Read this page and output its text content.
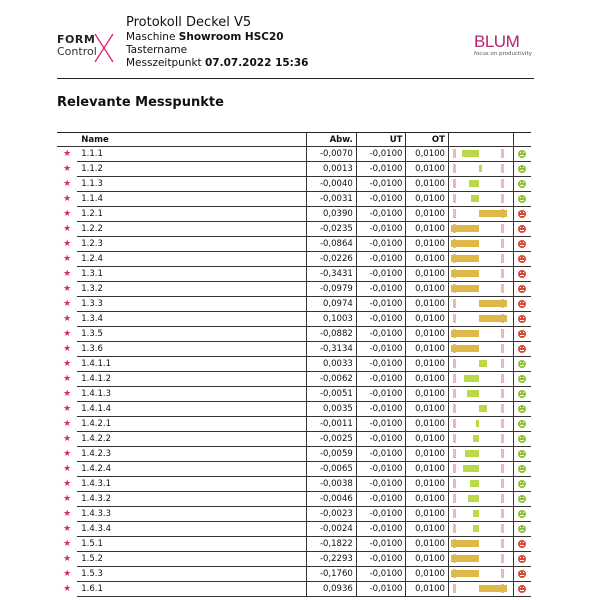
FORM
Control
Protokoll Deckel V5
Maschine Showroom HSC20
Tastername
Messzeitpunkt 07.07.2022 15:36
BLUM
focus on productivity
Relevante Messpunkte
	Name	Abw.	UT	OT		
★	1.1.1	-0,0070	-0,0100	0,0100	

★	1.1.2	0,0013	-0,0100	0,0100	

★	1.1.3	-0,0040	-0,0100	0,0100	

★	1.1.4	-0,0031	-0,0100	0,0100	

★	1.2.1	0,0390	-0,0100	0,0100	

★	1.2.2	-0,0235	-0,0100	0,0100	

★	1.2.3	-0,0864	-0,0100	0,0100	

★	1.2.4	-0,0226	-0,0100	0,0100	

★	1.3.1	-0,3431	-0,0100	0,0100	

★	1.3.2	-0,0979	-0,0100	0,0100	

★	1.3.3	0,0974	-0,0100	0,0100	

★	1.3.4	0,1003	-0,0100	0,0100	

★	1.3.5	-0,0882	-0,0100	0,0100	

★	1.3.6	-0,3134	-0,0100	0,0100	

★	1.4.1.1	0,0033	-0,0100	0,0100	

★	1.4.1.2	-0,0062	-0,0100	0,0100	

★	1.4.1.3	-0,0051	-0,0100	0,0100	

★	1.4.1.4	0,0035	-0,0100	0,0100	

★	1.4.2.1	-0,0011	-0,0100	0,0100	

★	1.4.2.2	-0,0025	-0,0100	0,0100	

★	1.4.2.3	-0,0059	-0,0100	0,0100	

★	1.4.2.4	-0,0065	-0,0100	0,0100	

★	1.4.3.1	-0,0038	-0,0100	0,0100	

★	1.4.3.2	-0,0046	-0,0100	0,0100	

★	1.4.3.3	-0,0023	-0,0100	0,0100	

★	1.4.3.4	-0,0024	-0,0100	0,0100	

★	1.5.1	-0,1822	-0,0100	0,0100	

★	1.5.2	-0,2293	-0,0100	0,0100	

★	1.5.3	-0,1760	-0,0100	0,0100	

★	1.6.1	0,0936	-0,0100	0,0100	
